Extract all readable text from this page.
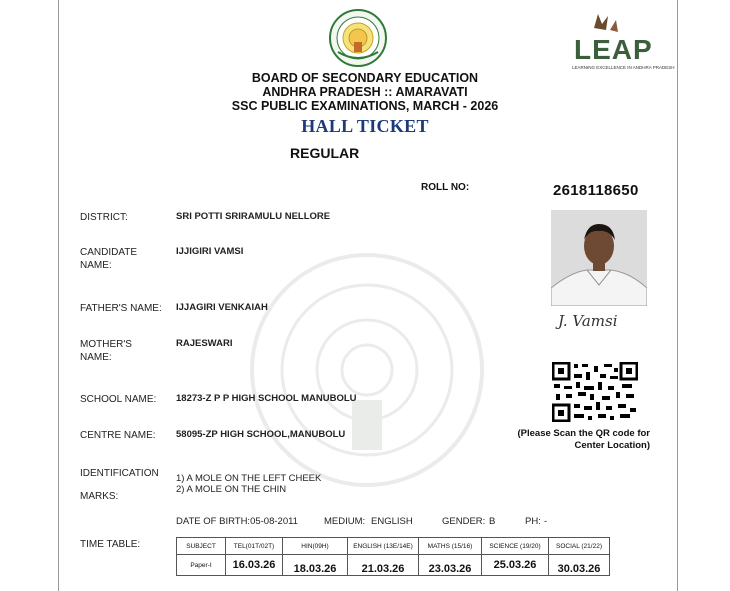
LEAP
LEARNING EXCELLENCE IN ANDHRA PRADESH
BOARD OF SECONDARY EDUCATION
ANDHRA PRADESH :: AMARAVATI
SSC PUBLIC EXAMINATIONS, MARCH - 2026
HALL TICKET
REGULAR
ROLL NO:	2618118650
DISTRICT:	SRI POTTI SRIRAMULU NELLORE
CANDIDATE
NAME:
IJJIGIRI VAMSI
FATHER'S NAME: IJJAGIRI VENKAIAH
MOTHER'S
NAME:
RAJESWARI
SCHOOL NAME: 18273-Z P P HIGH SCHOOL MANUBOLU
CENTRE NAME: 58095-ZP HIGH SCHOOL,MANUBOLU
IDENTIFICATION
MARKS:
1) A MOLE ON THE LEFT CHEEK
2) A MOLE ON THE CHIN
J. Vamsi
(Please Scan the QR code for
Center Location)
DATE OF BIRTH:05-08-2011	MEDIUM: ENGLISH	GENDER: B	PH: -
TIME TABLE:	SUBJECT	TEL(01T/02T)	HIN(09H)	ENGLISH (13E/14E)	MATHS (15/16)	SCIENCE (19/20)	SOCIAL (21/22)
Paper-I	16.03.26	18.03.26	21.03.26	23.03.26	25.03.26	30.03.26
